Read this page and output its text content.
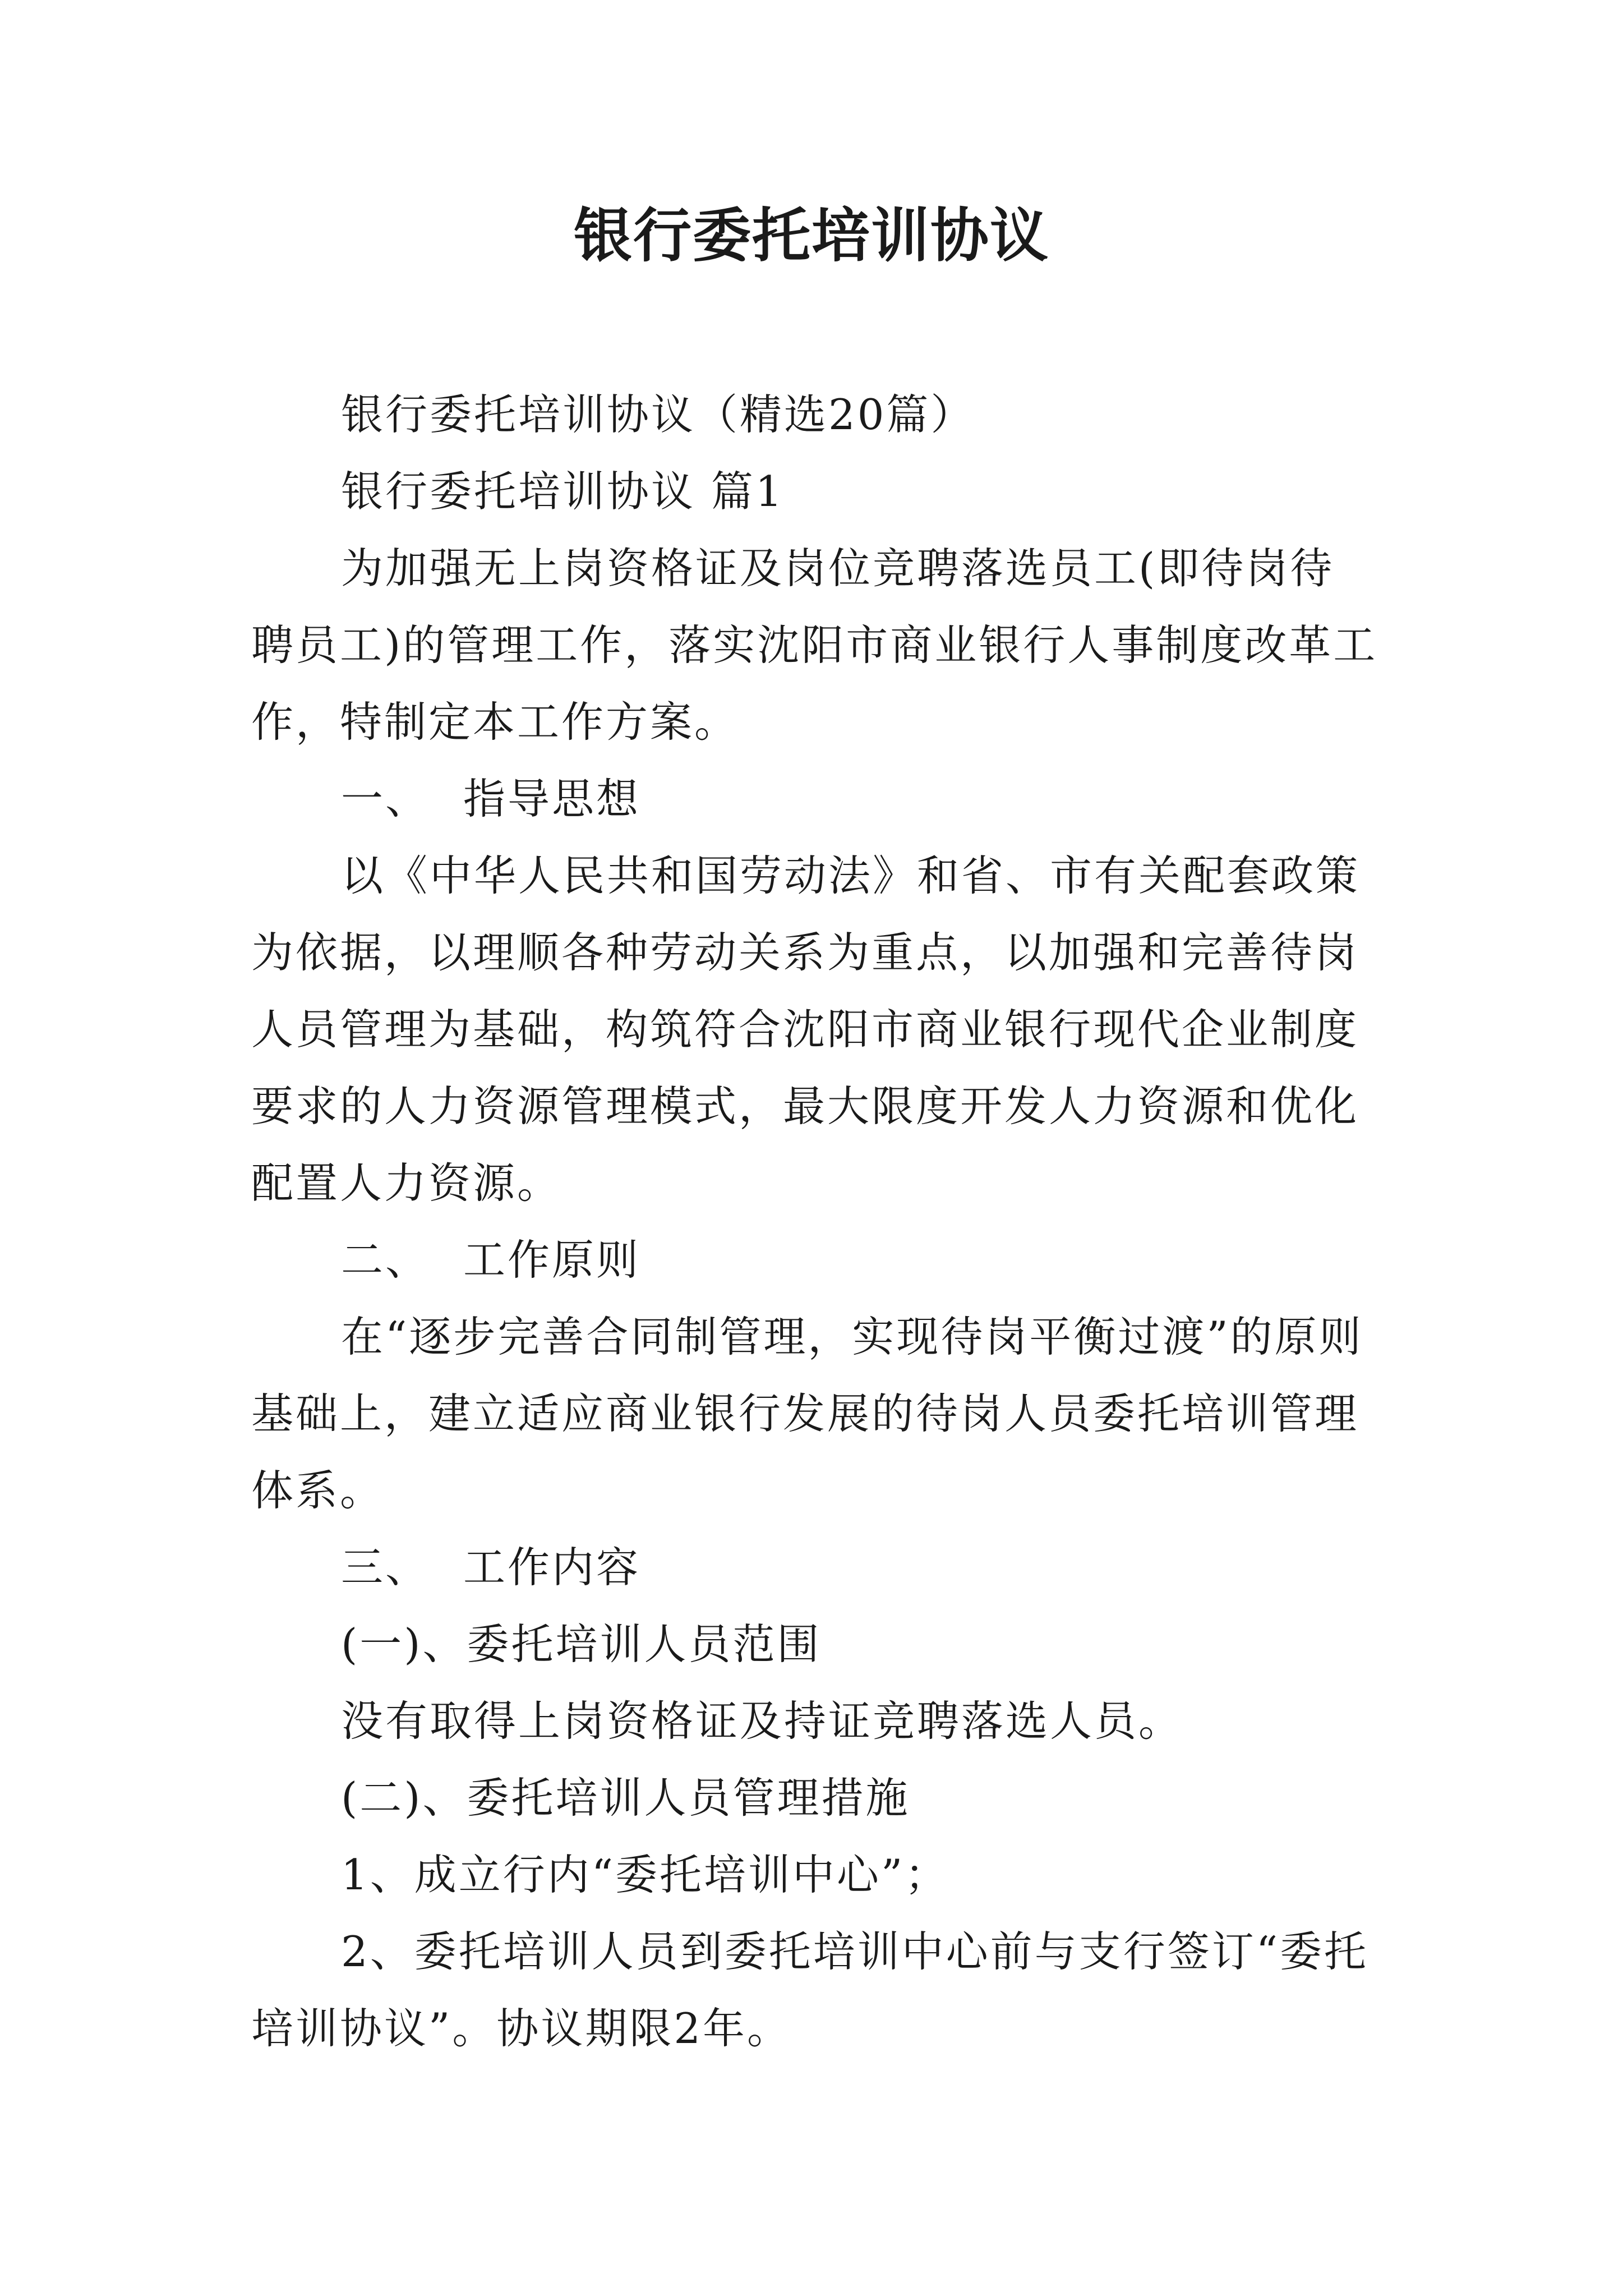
银行委托培训协议

银行委托培训协议（精选20篇）

银行委托培训协议 篇1

为加强无上岗资格证及岗位竞聘落选员工(即待岗待聘员工)的管理工作，落实沈阳市商业银行人事制度改革工作，特制定本工作方案。

一、 指导思想

以《中华人民共和国劳动法》和省、市有关配套政策为依据，以理顺各种劳动关系为重点，以加强和完善待岗人员管理为基础，构筑符合沈阳市商业银行现代企业制度要求的人力资源管理模式，最大限度开发人力资源和优化配置人力资源。

二、 工作原则

在“逐步完善合同制管理，实现待岗平衡过渡”的原则基础上，建立适应商业银行发展的待岗人员委托培训管理体系。

三、 工作内容

(一)、委托培训人员范围

没有取得上岗资格证及持证竞聘落选人员。

(二)、委托培训人员管理措施

1、成立行内“委托培训中心”；

2、委托培训人员到委托培训中心前与支行签订“委托培训协议”。协议期限2年。
